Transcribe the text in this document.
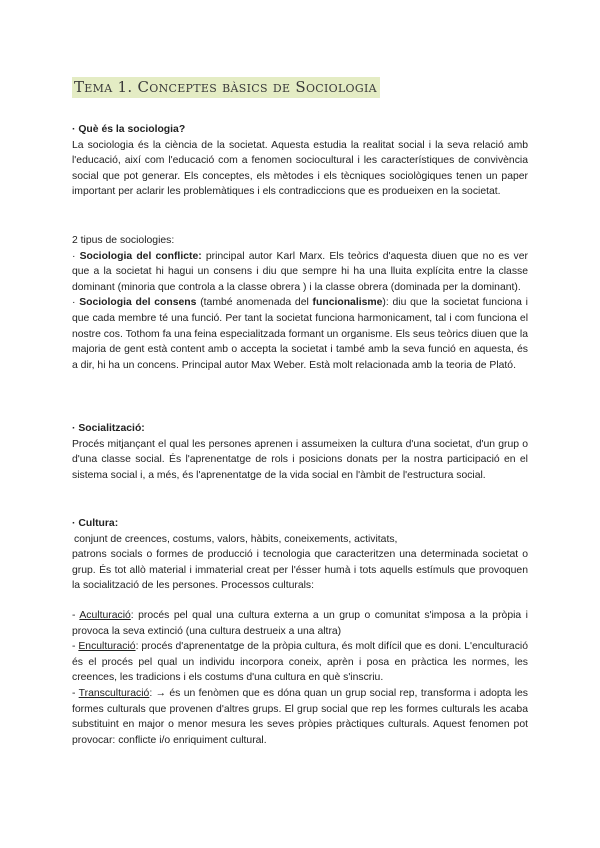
Tema 1. Conceptes bàsics de Sociologia
· Què és la sociologia?

La sociologia és la ciència de la societat. Aquesta estudia la realitat social i la seva relació amb l'educació, així com l'educació com a fenomen sociocultural i les característiques de convivència social que pot generar. Els conceptes, els mètodes i els tècniques sociològiques tenen un paper important per aclarir les problemàtiques i els contradiccions que es produeixen en la societat.

2 tipus de sociologies:

· Sociologia del conflicte: principal autor Karl Marx. Els teòrics d'aquesta diuen que no es ver que a la societat hi hagui un consens i diu que sempre hi ha una lluita explícita entre la classe dominant (minoria que controla a la classe obrera ) i la classe obrera (dominada per la dominant).

· Sociologia del consens (també anomenada del funcionalisme): diu que la societat funciona i que cada membre té una funció. Per tant la societat funciona harmonicament, tal i com funciona el nostre cos. Tothom fa una feina especialitzada formant un organisme. Els seus teòrics diuen que la majoria de gent està content amb o accepta la societat i també amb la seva funció en aquesta, és a dir, hi ha un concens. Principal autor Max Weber. Està molt relacionada amb la teoria de Plató.

· Socialització:

Procés mitjançant el qual les persones aprenen i assumeixen la cultura d'una societat, d'un grup o d'una classe social. És l'aprenentatge de rols i posicions donats per la nostra participació en el sistema social i, a més, és l'aprenentatge de la vida social en l'àmbit de l'estructura social.

· Cultura:
conjunt de creences, costums, valors, hàbits, coneixements, activitats,

patrons socials o formes de producció i tecnologia que caracteritzen una determinada societat o grup. És tot allò material i immaterial creat per l'ésser humà i tots aquells estímuls que provoquen la socialització de les persones. Processos culturals:

- Aculturació: procés pel qual una cultura externa a un grup o comunitat s'imposa a la pròpia i provoca la seva extinció (una cultura destrueix a una altra)

- Enculturació: procés d'aprenentatge de la pròpia cultura, és molt difícil que es doni. L'enculturació és el procés pel qual un individu incorpora coneix, aprèn i posa en pràctica les normes, les creences, les tradicions i els costums d'una cultura en què s'inscriu.

- Transculturació: → és un fenòmen que es dóna quan un grup social rep, transforma i adopta les formes culturals que provenen d'altres grups. El grup social que rep les formes culturals les acaba substituint en major o menor mesura les seves pròpies pràctiques culturals. Aquest fenomen pot provocar: conflicte i/o enriquiment cultural.
